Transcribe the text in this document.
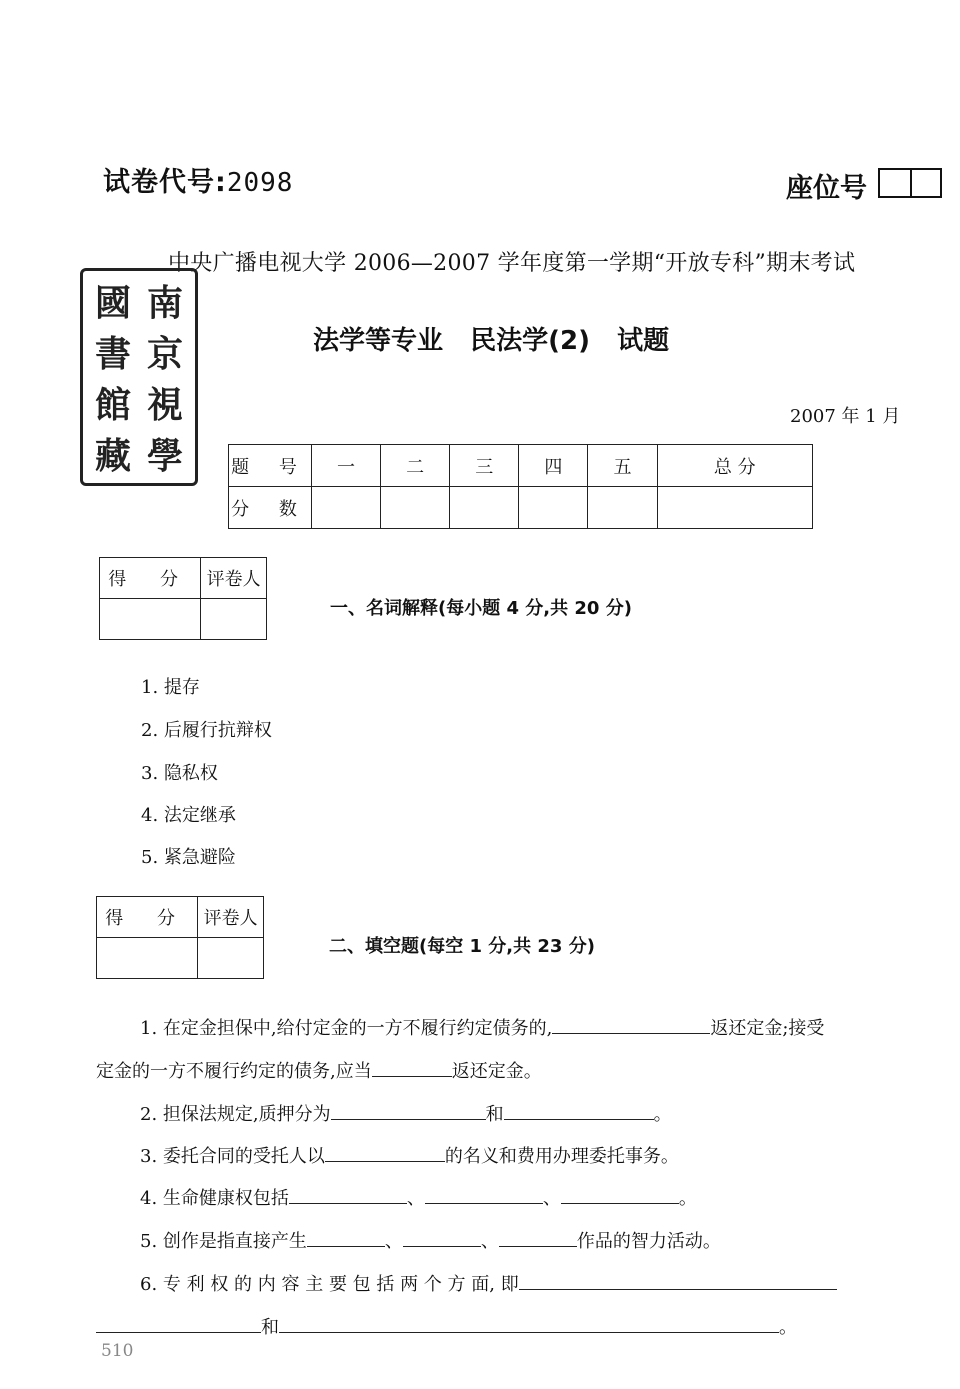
试卷代号:2098	座位号
中央广播电视大学 2006—2007 学年度第一学期“开放专科”期末考试
國 南
書 京
館 視
藏 學
法学等专业   民法学(2)   试题
2007 年 1 月
题 号	一	二	三	四	五	总 分
分 数						
得 分	评卷人

一、名词解释(每小题 4 分,共 20 分)
1. 提存
2. 后履行抗辩权
3. 隐私权
4. 法定继承
5. 紧急避险
得 分	评卷人

二、填空题(每空 1 分,共 23 分)
1. 在定金担保中,给付定金的一方不履行约定债务的,	返还定金;接受
定金的一方不履行约定的债务,应当	返还定金。
2. 担保法规定,质押分为	和	。
3. 委托合同的受托人以	的名义和费用办理委托事务。
4. 生命健康权包括	、	、	。
5. 创作是指直接产生	、	、	作品的智力活动。
6. 专 利 权 的 内 容 主 要 包 括 两 个 方 面, 即
和	。
510
